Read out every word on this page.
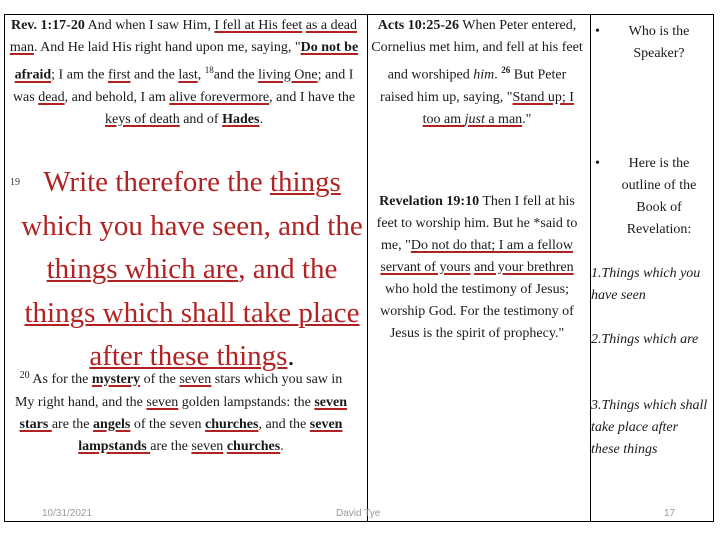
Rev. 1:17-20 And when I saw Him, I fell at His feet as a dead man. And He laid His right hand upon me, saying, "Do not be afraid; I am the first and the last, $^{18}$and the living One; and I was dead, and behold, I am alive forevermore, and I have the keys of death and of Hades.
19 Write therefore the things which you have seen, and the things which are, and the things which shall take place after these things.
$^{20}$ As for the mystery of the seven stars which you saw in My right hand, and the seven golden lampstands: the seven stars are the angels of the seven churches, and the seven lampstands are the seven churches.
Acts 10:25-26 When Peter entered, Cornelius met him, and fell at his feet and worshiped him. $^{26}$ But Peter raised him up, saying, "Stand up; I too am just a man."
Revelation 19:10 Then I fell at his feet to worship him. But he *said to me, "Do not do that; I am a fellow servant of yours and your brethren who hold the testimony of Jesus; worship God. For the testimony of Jesus is the spirit of prophecy."
• Who is the Speaker?
• Here is the outline of the Book of Revelation:
1.Things which you have seen
2.Things which are
3.Things which shall take place after these things
10/31/2021	David Tye	17
